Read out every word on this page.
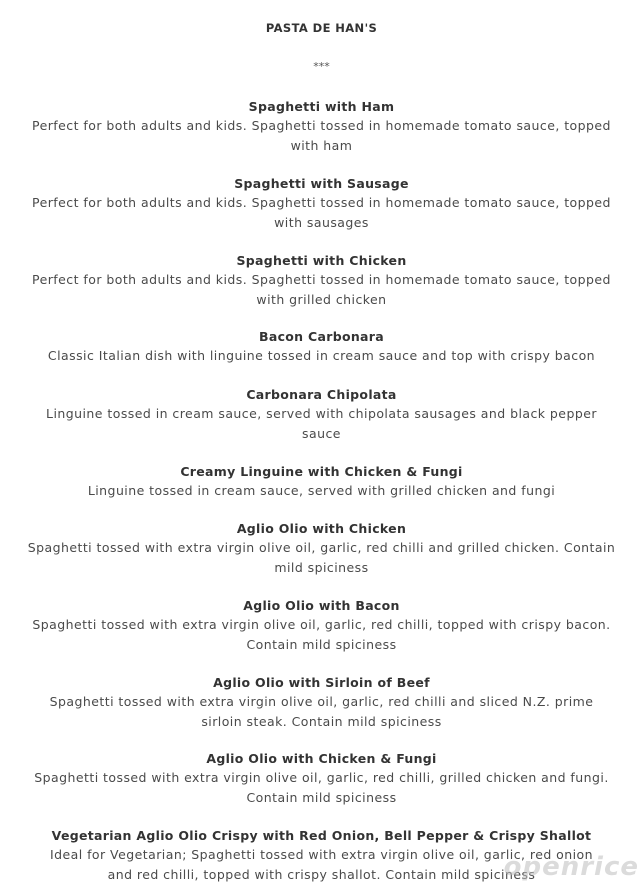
PASTA DE HAN'S
***
Spaghetti with Ham
Perfect for both adults and kids. Spaghetti tossed in homemade tomato sauce, topped with ham
Spaghetti with Sausage
Perfect for both adults and kids. Spaghetti tossed in homemade tomato sauce, topped with sausages
Spaghetti with Chicken
Perfect for both adults and kids. Spaghetti tossed in homemade tomato sauce, topped with grilled chicken
Bacon Carbonara
Classic Italian dish with linguine tossed in cream sauce and top with crispy bacon
Carbonara Chipolata
Linguine tossed in cream sauce, served with chipolata sausages and black pepper sauce
Creamy Linguine with Chicken & Fungi
Linguine tossed in cream sauce, served with grilled chicken and fungi
Aglio Olio with Chicken
Spaghetti tossed with extra virgin olive oil, garlic, red chilli and grilled chicken. Contain mild spiciness
Aglio Olio with Bacon
Spaghetti tossed with extra virgin olive oil, garlic, red chilli, topped with crispy bacon. Contain mild spiciness
Aglio Olio with Sirloin of Beef
Spaghetti tossed with extra virgin olive oil, garlic, red chilli and sliced N.Z. prime sirloin steak. Contain mild spiciness
Aglio Olio with Chicken & Fungi
Spaghetti tossed with extra virgin olive oil, garlic, red chilli, grilled chicken and fungi. Contain mild spiciness
Vegetarian Aglio Olio Crispy with Red Onion, Bell Pepper & Crispy Shallot
Ideal for Vegetarian; Spaghetti tossed with extra virgin olive oil, garlic, red onion and red chilli, topped with crispy shallot. Contain mild spiciness
openrice
